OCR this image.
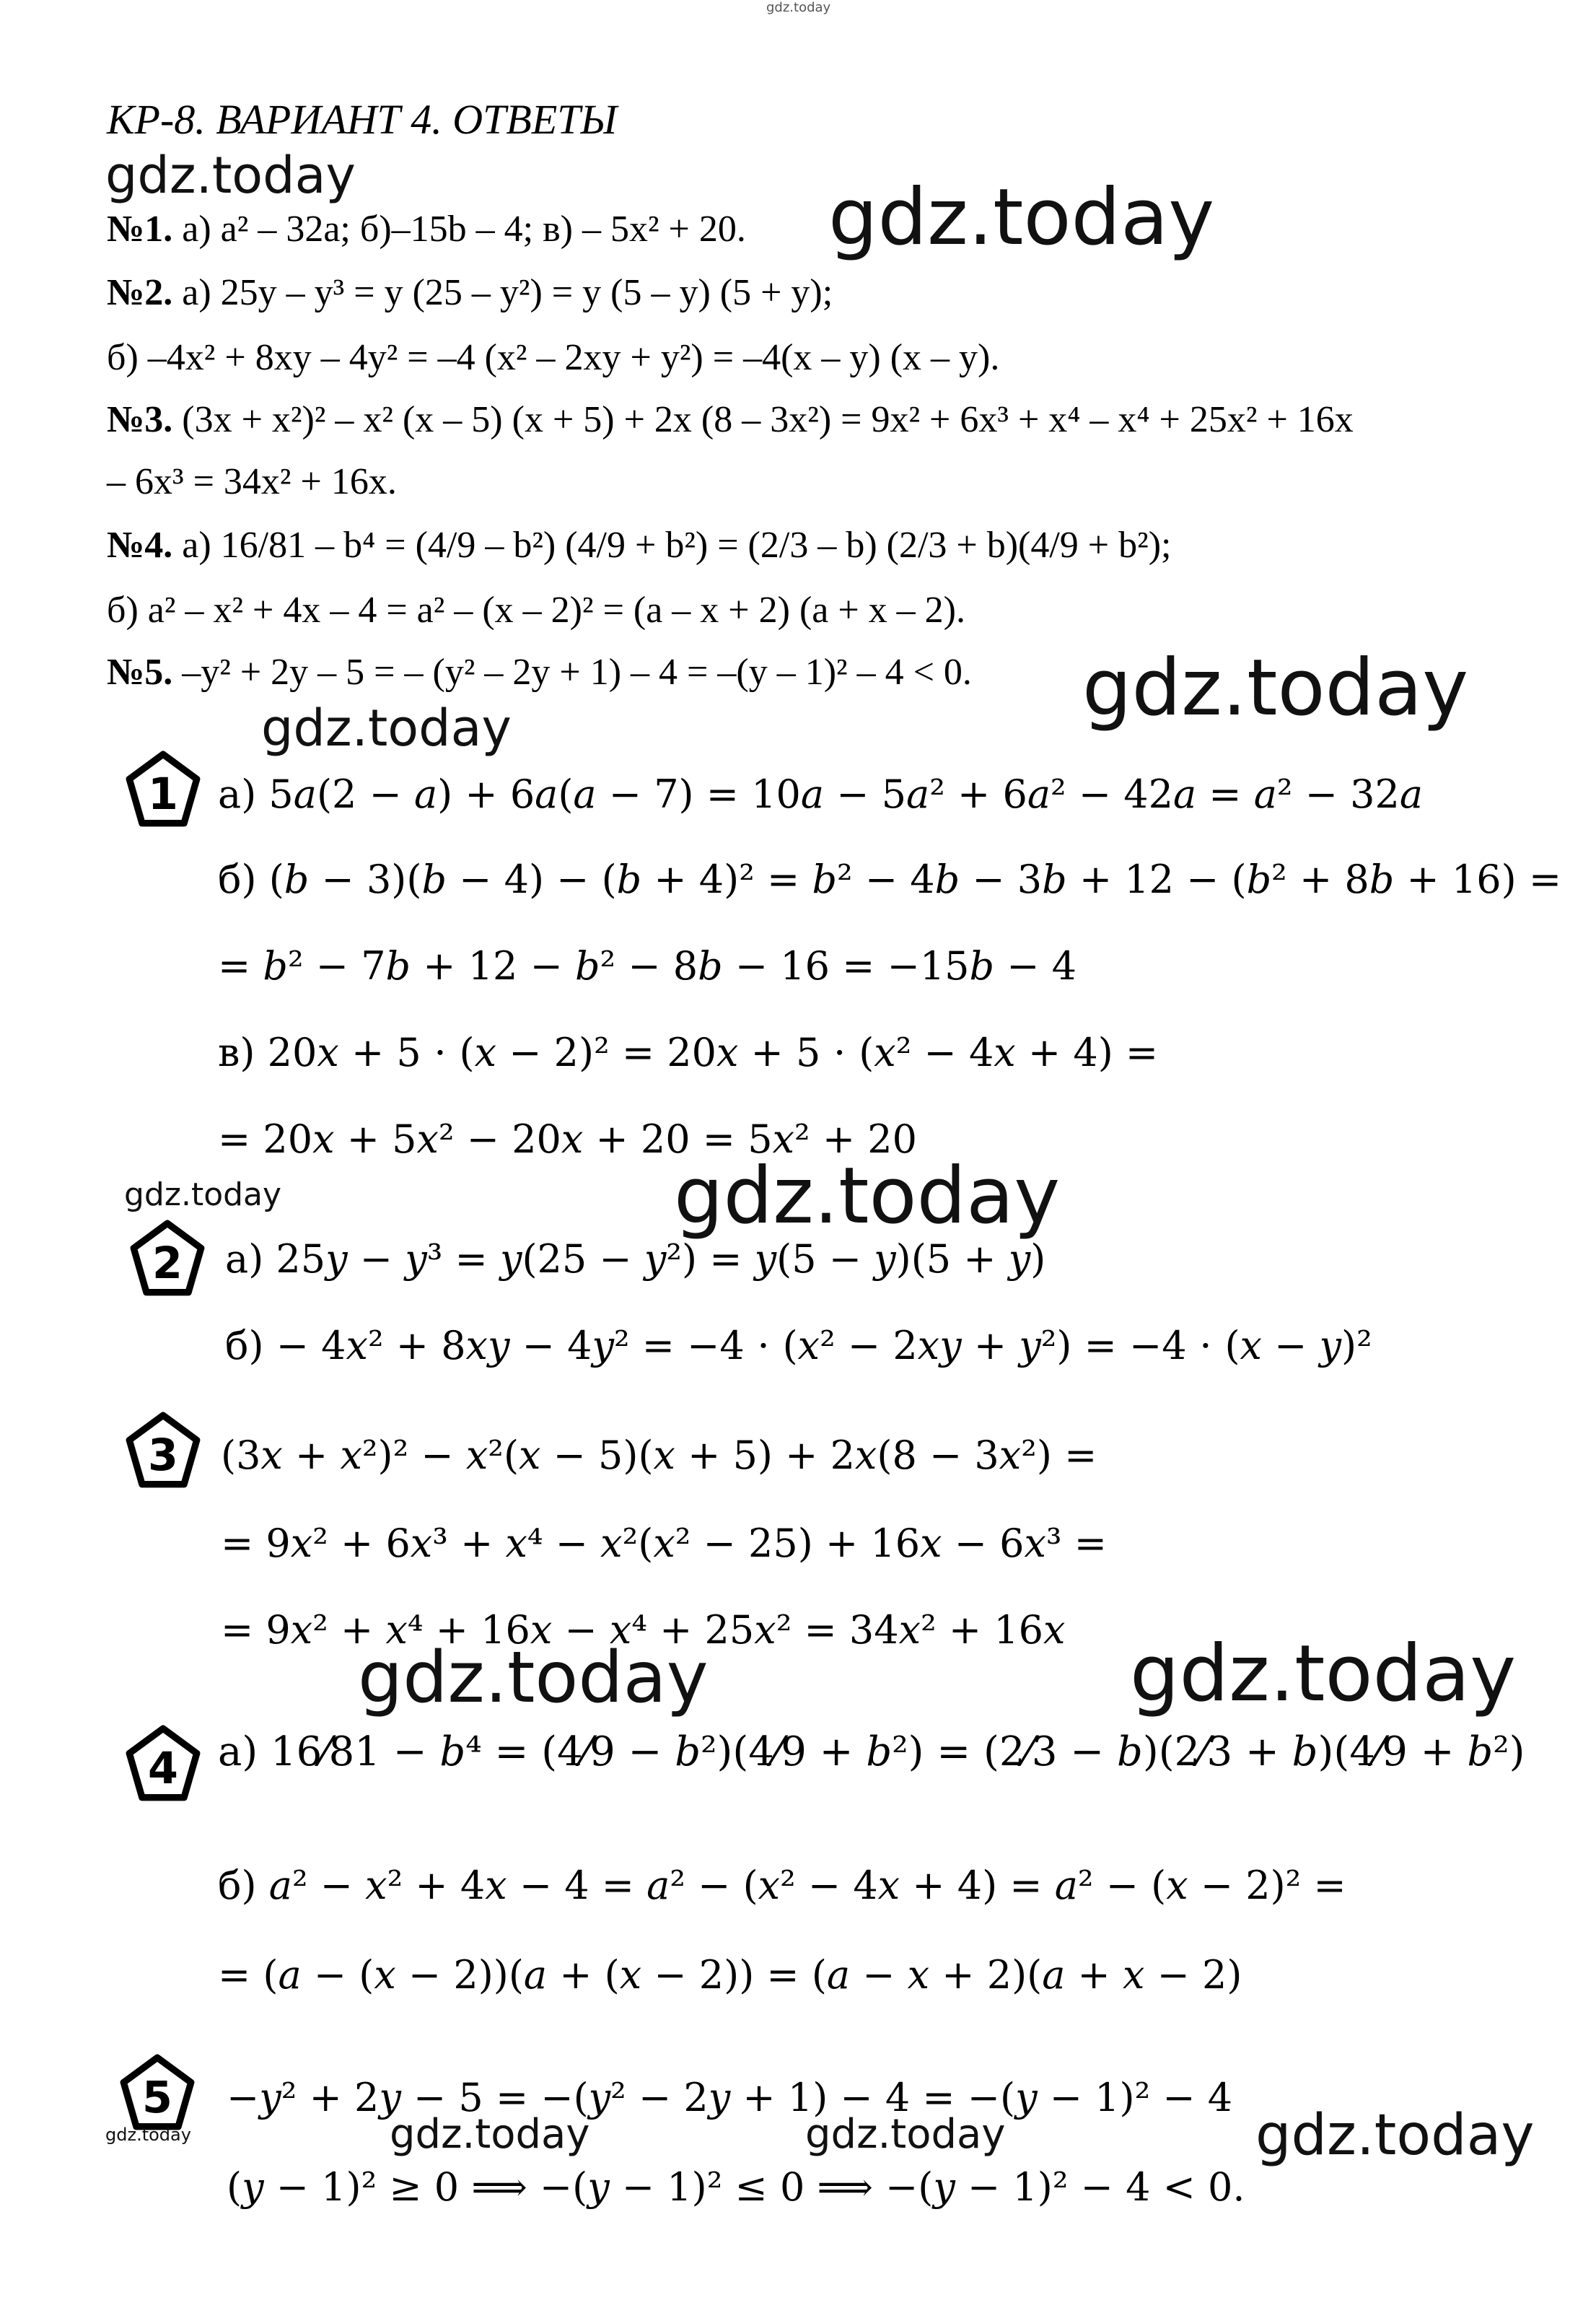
gdz.today
КР-8. ВАРИАНТ 4. ОТВЕТЫ
gdz.today
№1. а) a² – 32a; б)–15b – 4; в) – 5x² + 20. gdz.today
№2. а) 25y – y³ = y (25 – y²) = y (5 – y) (5 + y);
б) –4x² + 8xy – 4y² = –4 (x² – 2xy + y²) = –4(x – y) (x – y).
№3. (3x + x²)² – x² (x – 5) (x + 5) + 2x (8 – 3x²) = 9x² + 6x³ + x⁴ – x⁴ + 25x² + 16x
– 6x³ = 34x² + 16x.
№4. а) 16/81 – b⁴ = (4/9 – b²) (4/9 + b²) = (2/3 – b) (2/3 + b)(4/9 + b²);
б) a² – x² + 4x – 4 = a² – (x – 2)² = (a – x + 2) (a + x – 2).
№5. –y² + 2y – 5 = – (y² – 2y + 1) – 4 = –(y – 1)² – 4 < 0. gdz.today
gdz.today
1 а) 5𝑎(2 − 𝑎) + 6𝑎(𝑎 − 7) = 10𝑎 − 5𝑎² + 6𝑎² − 42𝑎 = 𝑎² − 32𝑎
б) (𝑏 − 3)(𝑏 − 4) − (𝑏 + 4)² = 𝑏² − 4𝑏 − 3𝑏 + 12 − (𝑏² + 8𝑏 + 16) =
= 𝑏² − 7𝑏 + 12 − 𝑏² − 8𝑏 − 16 = −15𝑏 − 4
в) 20𝑥 + 5 ⋅ (𝑥 − 2)² = 20𝑥 + 5 ⋅ (𝑥² − 4𝑥 + 4) =
= 20𝑥 + 5𝑥² − 20𝑥 + 20 = 5𝑥² + 20
gdz.today	gdz.today
2 а) 25𝑦 − 𝑦³ = 𝑦(25 − 𝑦²) = 𝑦(5 − 𝑦)(5 + 𝑦)
б) − 4𝑥² + 8𝑥𝑦 − 4𝑦² = −4 ⋅ (𝑥² − 2𝑥𝑦 + 𝑦²) = −4 ⋅ (𝑥 − 𝑦)²
3 (3𝑥 + 𝑥²)² − 𝑥²(𝑥 − 5)(𝑥 + 5) + 2𝑥(8 − 3𝑥²) =
= 9𝑥² + 6𝑥³ + 𝑥⁴ − 𝑥²(𝑥² − 25) + 16𝑥 − 6𝑥³ =
= 9𝑥² + 𝑥⁴ + 16𝑥 − 𝑥⁴ + 25𝑥² = 34𝑥² + 16𝑥
gdz.today	gdz.today
4 а) 16⁄81 − 𝑏⁴ = (4⁄9 − 𝑏²)(4⁄9 + 𝑏²) = (2⁄3 − 𝑏)(2⁄3 + 𝑏)(4⁄9 + 𝑏²)
б) 𝑎² − 𝑥² + 4𝑥 − 4 = 𝑎² − (𝑥² − 4𝑥 + 4) = 𝑎² − (𝑥 − 2)² =
= (𝑎 − (𝑥 − 2))(𝑎 + (𝑥 − 2)) = (𝑎 − 𝑥 + 2)(𝑎 + 𝑥 − 2)
5
gdz.today
−𝑦² + 2𝑦 − 5 = −(𝑦² − 2𝑦 + 1) − 4 = −(𝑦 − 1)² − 4
gdz.today	gdz.today	gdz.today
(𝑦 − 1)² ≥ 0 ⟹ −(𝑦 − 1)² ≤ 0 ⟹ −(𝑦 − 1)² − 4 < 0.
